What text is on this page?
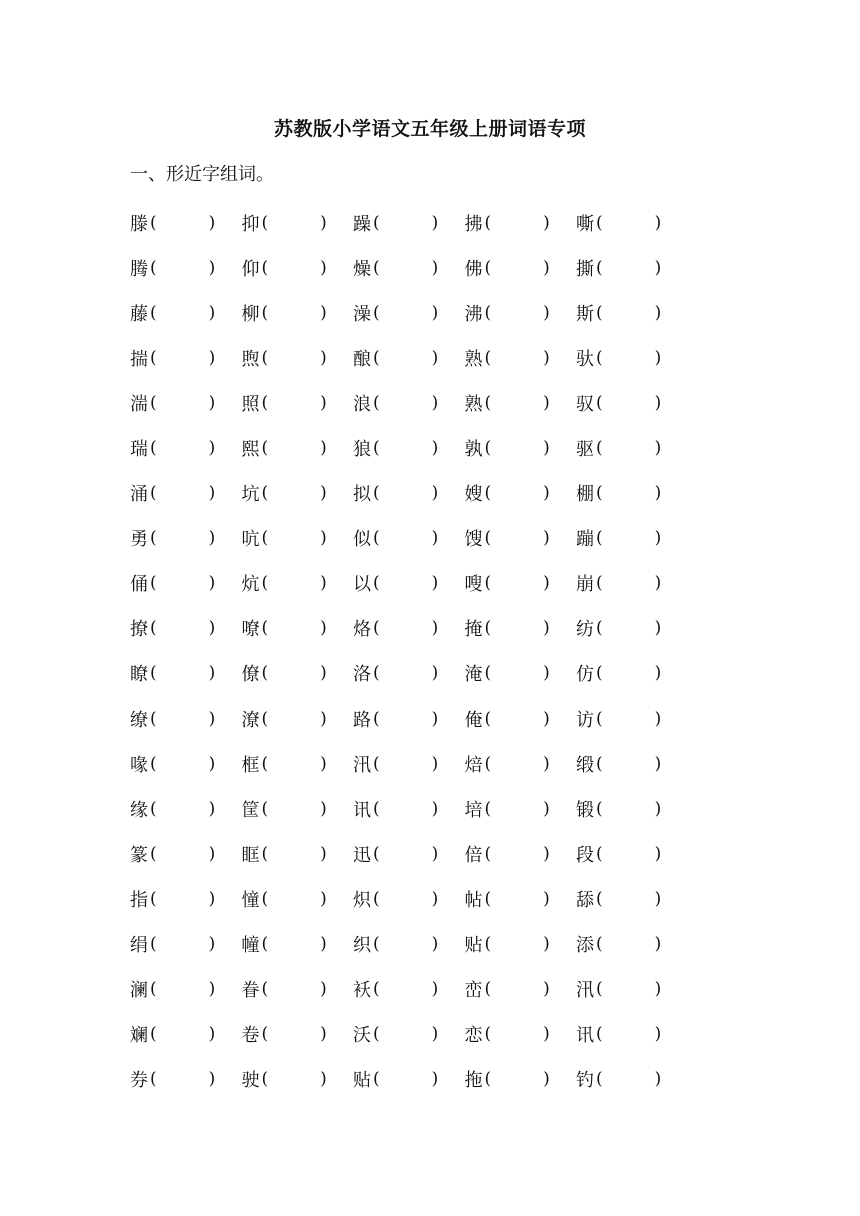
苏教版小学语文五年级上册词语专项
一、形近字组词。
滕 (	) 抑 (	) 躁 (	) 拂 (	) 嘶 (	)
腾 (	) 仰 (	) 燥 (	) 佛 (	) 撕 (	)
藤 (	) 柳 (	) 澡 (	) 沸 (	) 斯 (	)
揣 (	) 煦 (	) 酿 (	) 熟 (	) 驮 (	)
湍 (	) 照 (	) 浪 (	) 熟 (	) 驭 (	)
瑞 (	) 熙 (	) 狼 (	) 孰 (	) 驱 (	)
涌 (	) 坑 (	) 拟 (	) 嫂 (	) 棚 (	)
勇 (	) 吭 (	) 似 (	) 馊 (	) 蹦 (	)
俑 (	) 炕 (	) 以 (	) 嗖 (	) 崩 (	)
撩 (	) 嘹 (	) 烙 (	) 掩 (	) 纺 (	)
瞭 (	) 僚 (	) 洛 (	) 淹 (	) 仿 (	)
缭 (	) 潦 (	) 路 (	) 俺 (	) 访 (	)
喙 (	) 框 (	) 汛 (	) 焙 (	) 缎 (	)
缘 (	) 筐 (	) 讯 (	) 培 (	) 锻 (	)
篆 (	) 眶 (	) 迅 (	) 倍 (	) 段 (	)
指 (	) 憧 (	) 炽 (	) 帖 (	) 舔 (	)
绢 (	) 幢 (	) 织 (	) 贴 (	) 添 (	)
澜 (	) 眷 (	) 袄 (	) 峦 (	) 汛 (	)
斓 (	) 卷 (	) 沃 (	) 恋 (	) 讯 (	)
券 (	) 驶 (	) 贴 (	) 拖 (	) 钓 (	)
